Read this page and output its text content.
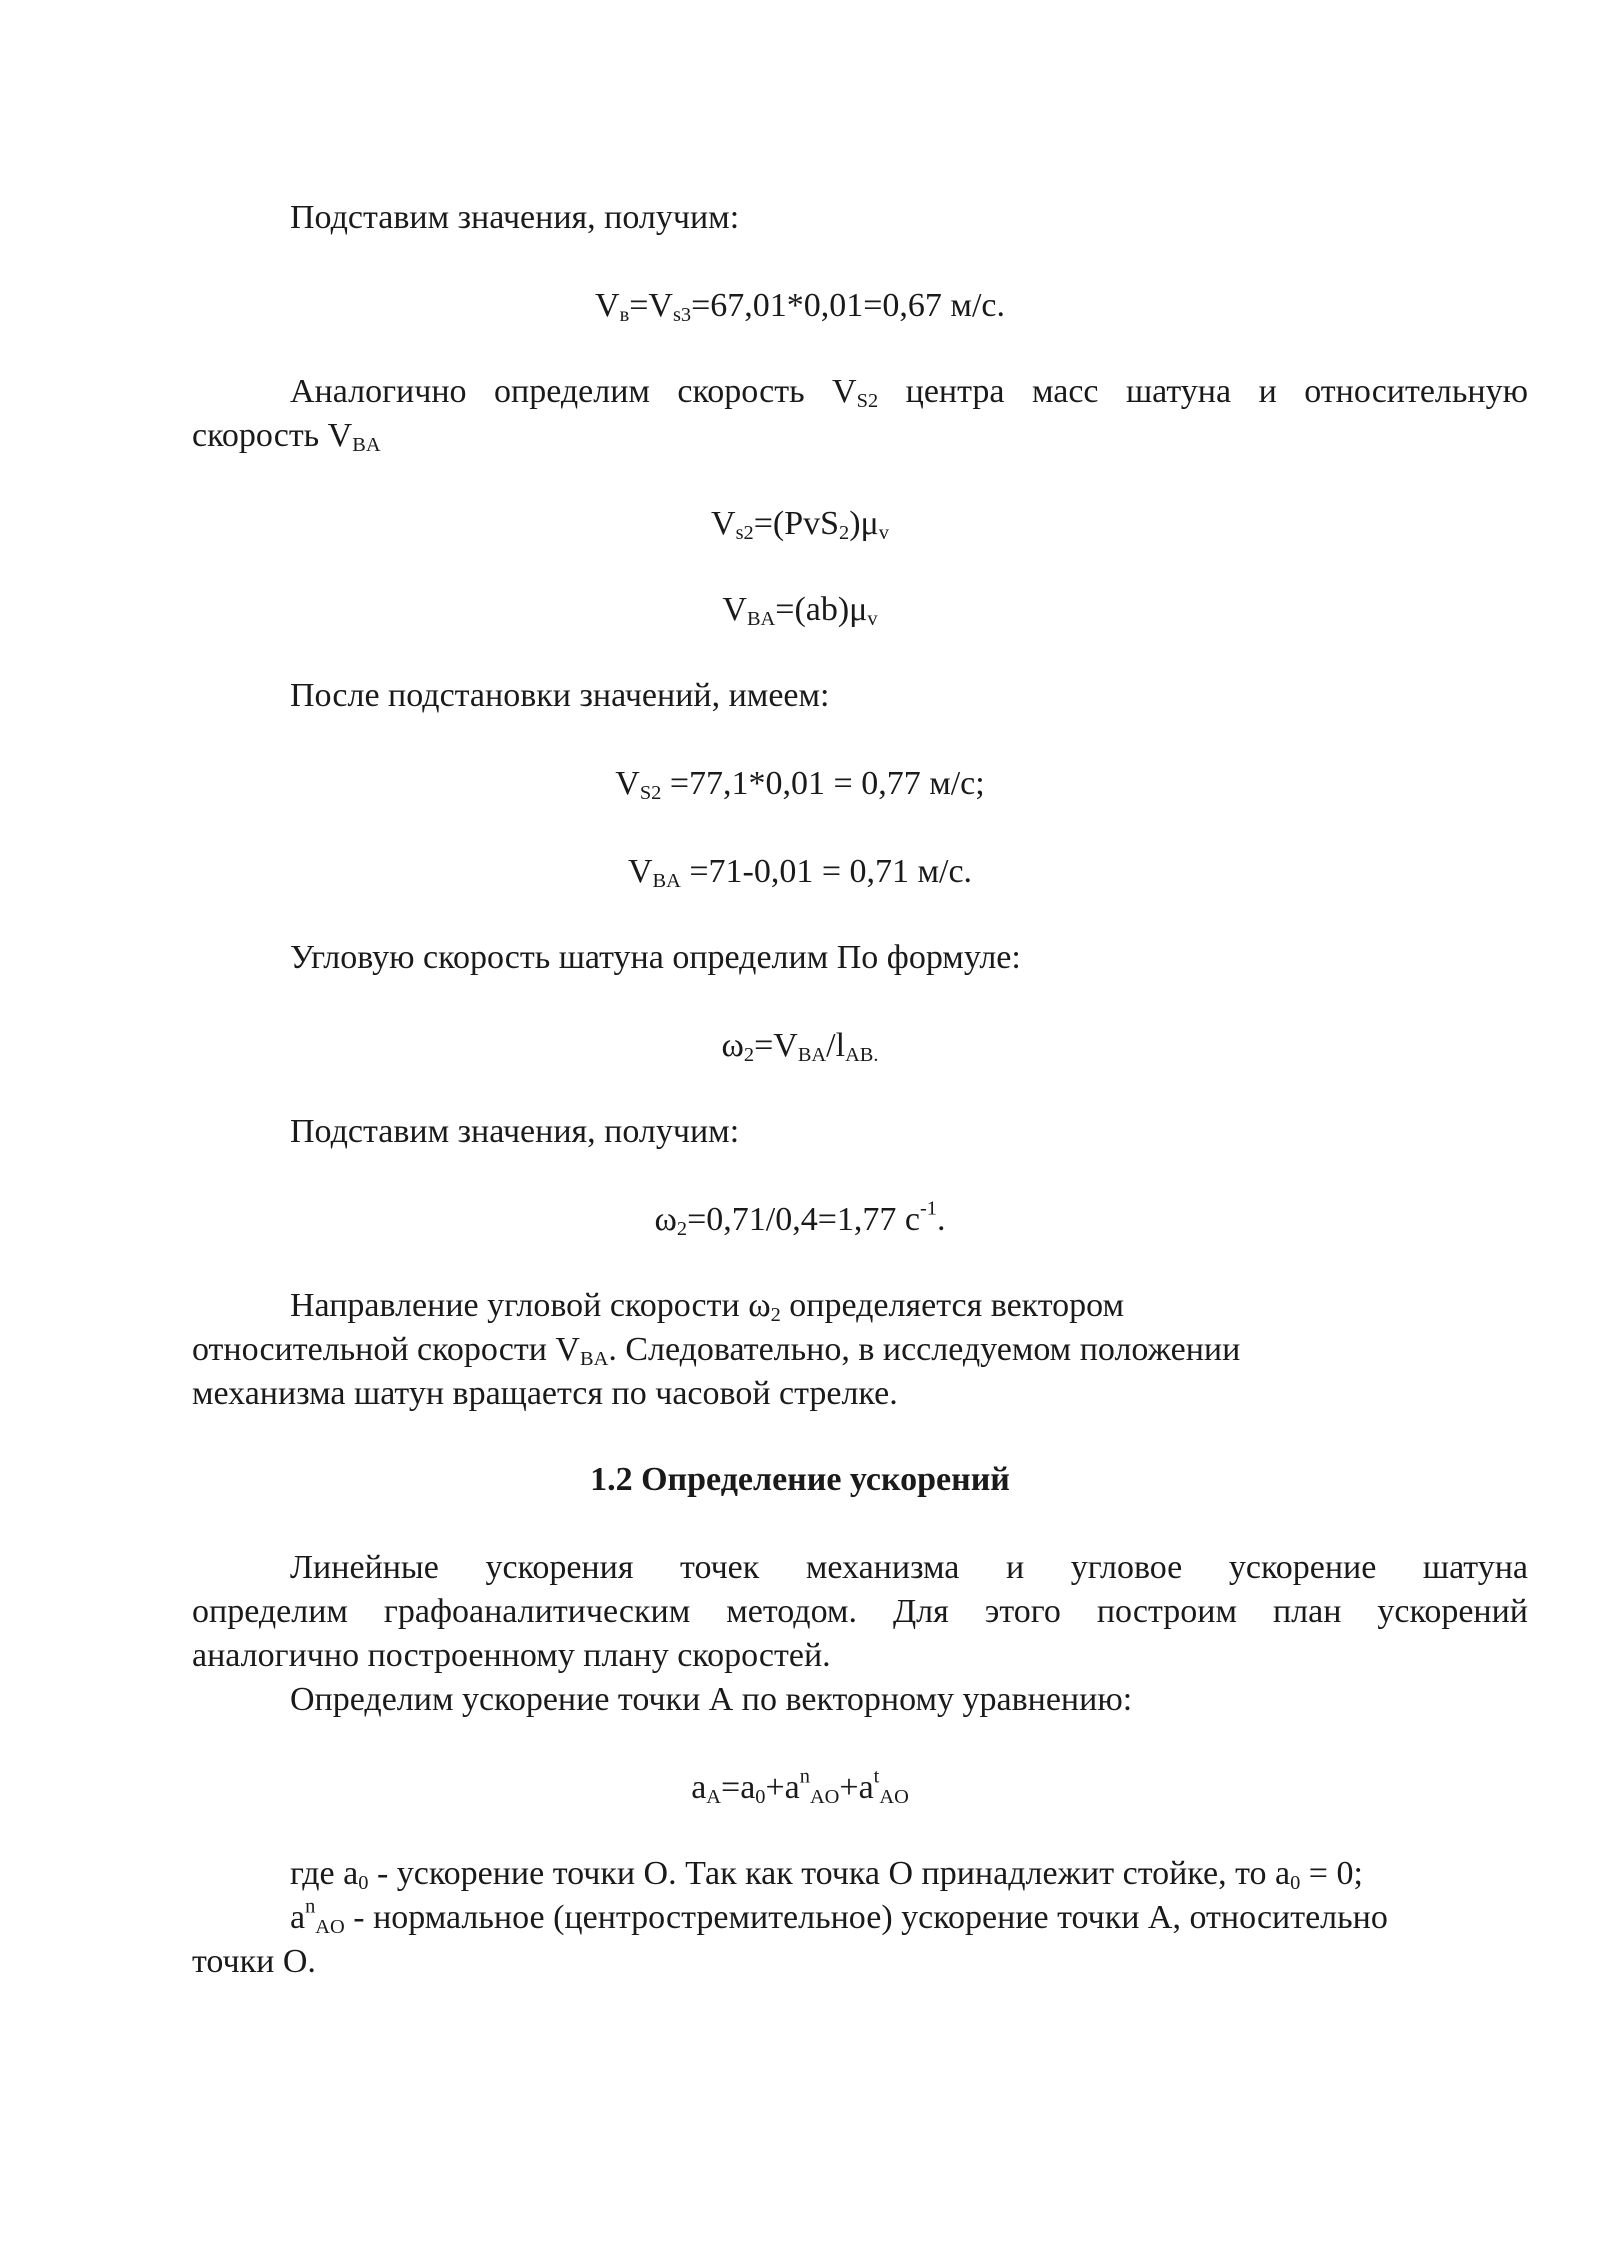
Подставим значения, получим:
$V_в=V_{s3}=67,01*0,01=0,67$ м/с.
Аналогично определим скорость $V_{S2}$ центра масс шатуна и относительную
скорость $V_{BA}$
$V_{s2}=(PvS_2)\mu_v$
$V_{BA}=(ab)\mu_v$
После подстановки значений, имеем:
$V_{S2} =77,1*0,01 = 0,77$ м/с;
$V_{BA} =71-0,01 = 0,71$ м/с.
Угловую скорость шатуна определим По формуле:
$\omega_2=V_{BA}/l_{AB.}$
Подставим значения, получим:
$\omega_2=0,71/0,4=1,77$ $с^{-1}$.
Направление угловой скорости $\omega_2$ определяется вектором
относительной скорости $V_{BA}$. Следовательно, в исследуемом положении
механизма шатун вращается по часовой стрелке.
1.2 Определение ускорений
Линейные ускорения точек механизма и угловое ускорение шатуна
определим графоаналитическим методом. Для этого построим план ускорений
аналогично построенному плану скоростей.
Определим ускорение точки А по векторному уравнению:
$a_A=a_0+a^n_{AO}+a^t_{AO}$
где $a_0$ - ускорение точки О. Так как точка О принадлежит стойке, то $a_0 = 0$;
$a^n_{AO}$ - нормальное (центростремительное) ускорение точки А, относительно
точки О.
